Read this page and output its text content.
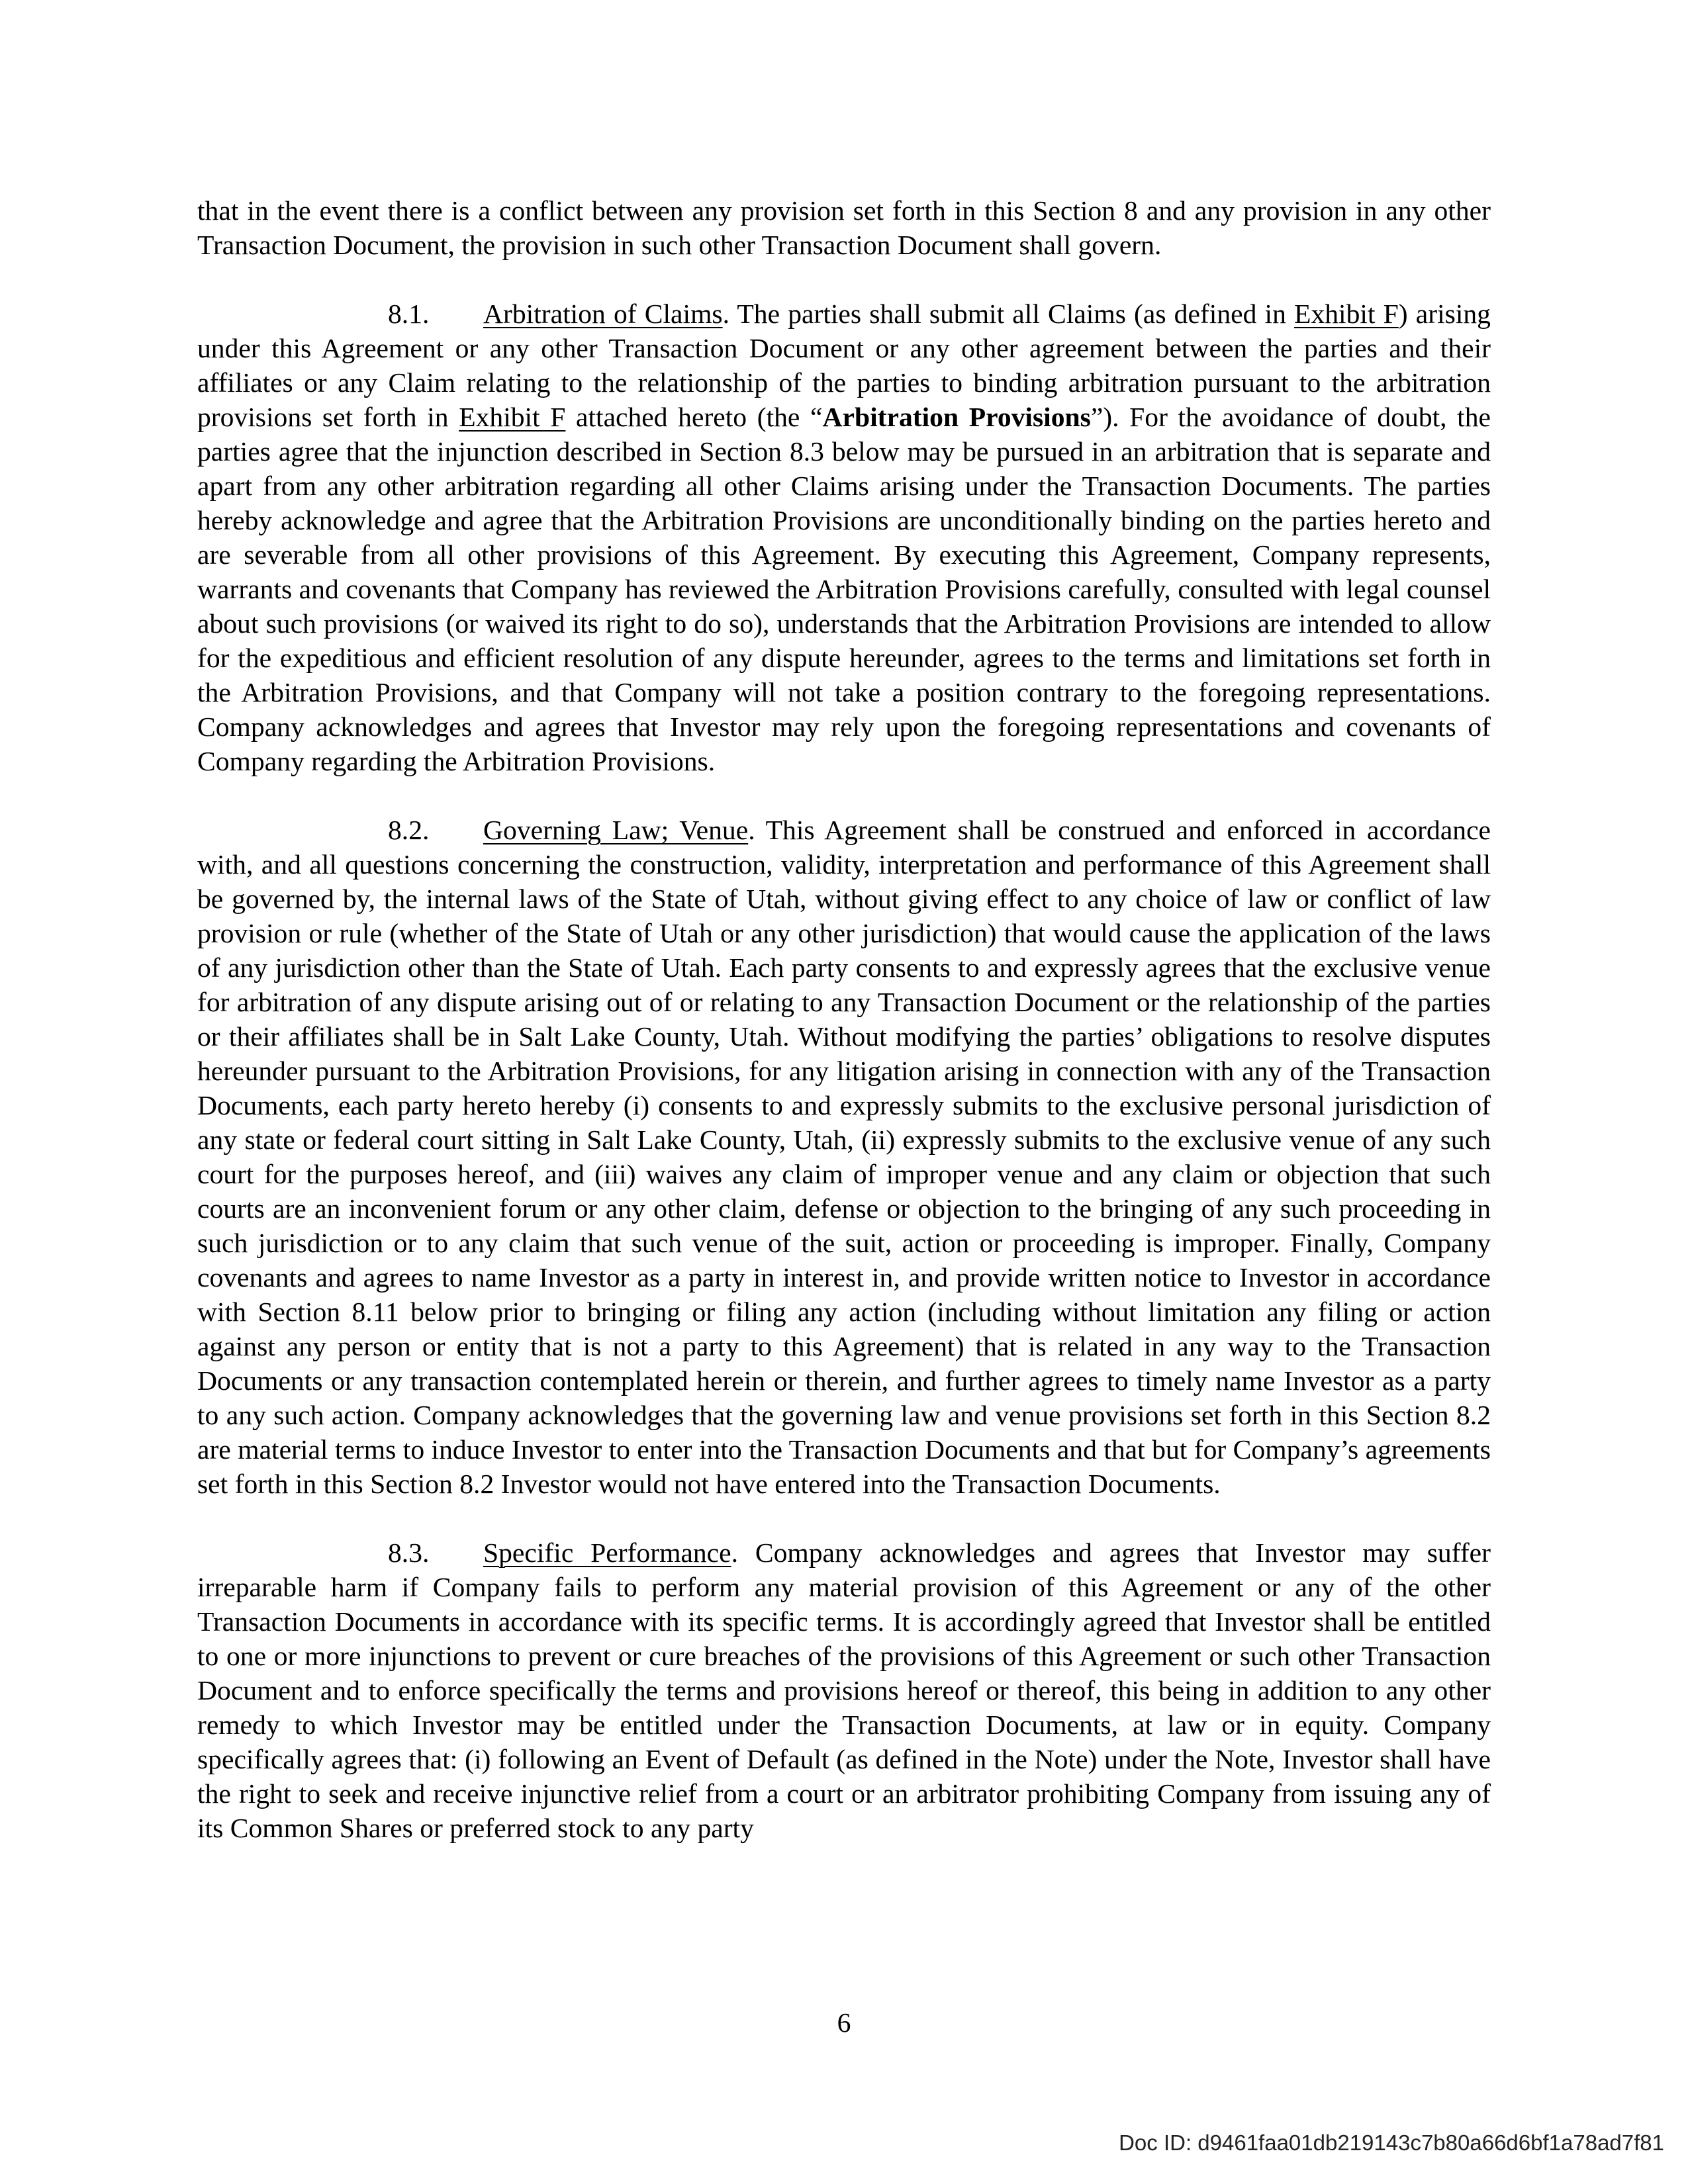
that in the event there is a conflict between any provision set forth in this Section 8 and any provision in any other Transaction Document, the provision in such other Transaction Document shall govern.

8.1. Arbitration of Claims. The parties shall submit all Claims (as defined in Exhibit F) arising under this Agreement or any other Transaction Document or any other agreement between the parties and their affiliates or any Claim relating to the relationship of the parties to binding arbitration pursuant to the arbitration provisions set forth in Exhibit F attached hereto (the “Arbitration Provisions”). For the avoidance of doubt, the parties agree that the injunction described in Section 8.3 below may be pursued in an arbitration that is separate and apart from any other arbitration regarding all other Claims arising under the Transaction Documents. The parties hereby acknowledge and agree that the Arbitration Provisions are unconditionally binding on the parties hereto and are severable from all other provisions of this Agreement. By executing this Agreement, Company represents, warrants and covenants that Company has reviewed the Arbitration Provisions carefully, consulted with legal counsel about such provisions (or waived its right to do so), understands that the Arbitration Provisions are intended to allow for the expeditious and efficient resolution of any dispute hereunder, agrees to the terms and limitations set forth in the Arbitration Provisions, and that Company will not take a position contrary to the foregoing representations. Company acknowledges and agrees that Investor may rely upon the foregoing representations and covenants of Company regarding the Arbitration Provisions.

8.2. Governing Law; Venue. This Agreement shall be construed and enforced in accordance with, and all questions concerning the construction, validity, interpretation and performance of this Agreement shall be governed by, the internal laws of the State of Utah, without giving effect to any choice of law or conflict of law provision or rule (whether of the State of Utah or any other jurisdiction) that would cause the application of the laws of any jurisdiction other than the State of Utah. Each party consents to and expressly agrees that the exclusive venue for arbitration of any dispute arising out of or relating to any Transaction Document or the relationship of the parties or their affiliates shall be in Salt Lake County, Utah. Without modifying the parties’ obligations to resolve disputes hereunder pursuant to the Arbitration Provisions, for any litigation arising in connection with any of the Transaction Documents, each party hereto hereby (i) consents to and expressly submits to the exclusive personal jurisdiction of any state or federal court sitting in Salt Lake County, Utah, (ii) expressly submits to the exclusive venue of any such court for the purposes hereof, and (iii) waives any claim of improper venue and any claim or objection that such courts are an inconvenient forum or any other claim, defense or objection to the bringing of any such proceeding in such jurisdiction or to any claim that such venue of the suit, action or proceeding is improper. Finally, Company covenants and agrees to name Investor as a party in interest in, and provide written notice to Investor in accordance with Section 8.11 below prior to bringing or filing any action (including without limitation any filing or action against any person or entity that is not a party to this Agreement) that is related in any way to the Transaction Documents or any transaction contemplated herein or therein, and further agrees to timely name Investor as a party to any such action. Company acknowledges that the governing law and venue provisions set forth in this Section 8.2 are material terms to induce Investor to enter into the Transaction Documents and that but for Company’s agreements set forth in this Section 8.2 Investor would not have entered into the Transaction Documents.

8.3. Specific Performance. Company acknowledges and agrees that Investor may suffer irreparable harm if Company fails to perform any material provision of this Agreement or any of the other Transaction Documents in accordance with its specific terms. It is accordingly agreed that Investor shall be entitled to one or more injunctions to prevent or cure breaches of the provisions of this Agreement or such other Transaction Document and to enforce specifically the terms and provisions hereof or thereof, this being in addition to any other remedy to which Investor may be entitled under the Transaction Documents, at law or in equity. Company specifically agrees that: (i) following an Event of Default (as defined in the Note) under the Note, Investor shall have the right to seek and receive injunctive relief from a court or an arbitrator prohibiting Company from issuing any of its Common Shares or preferred stock to any party

6
Doc ID: d9461faa01db219143c7b80a66d6bf1a78ad7f81
